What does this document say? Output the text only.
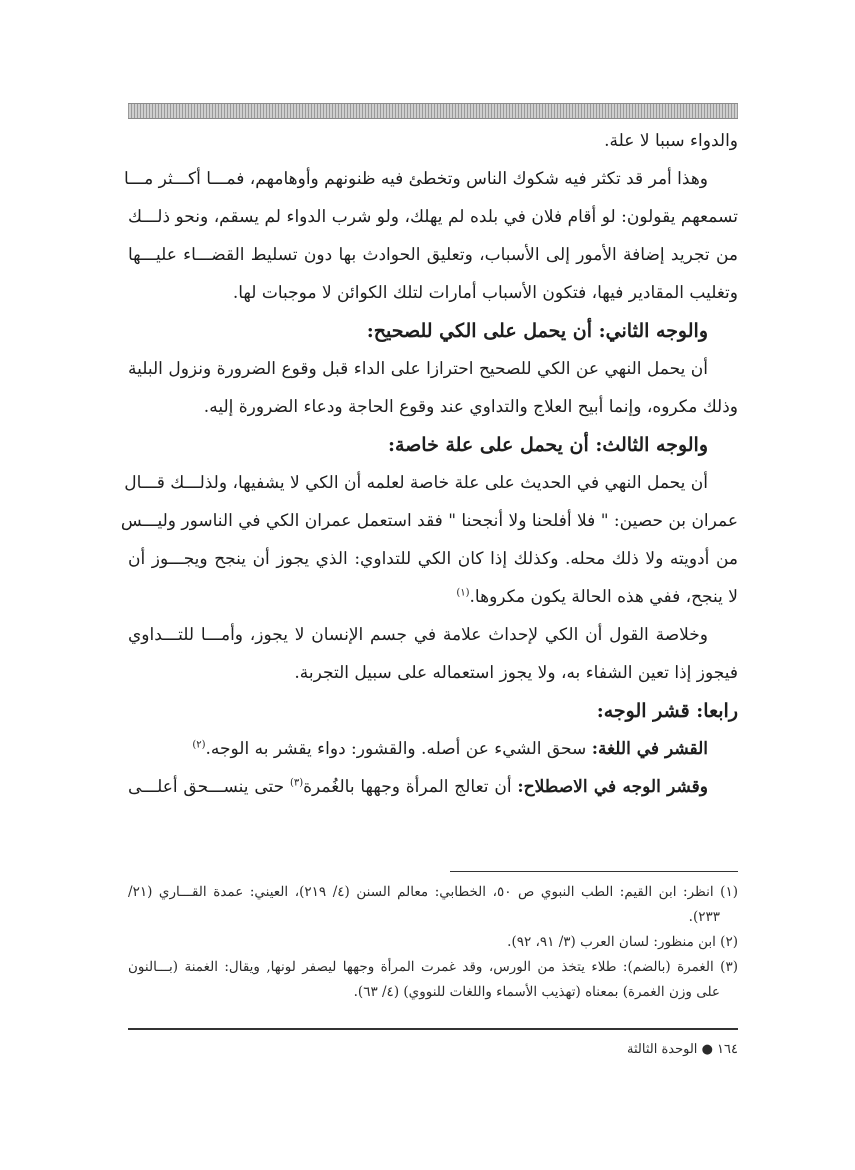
والدواء سببا لا علة.

وهذا أمر قد تكثر فيه شكوك الناس وتخطئ فيه ظنونهم وأوهامهم، فمـــا أكـــثر مـــا

تسمعهم يقولون: لو أقام فلان في بلده لم يهلك، ولو شرب الدواء لم يسقم، ونحو ذلـــك

من تجريد إضافة الأمور إلى الأسباب، وتعليق الحوادث بها دون تسليط القضـــاء عليـــها

وتغليب المقادير فيها، فتكون الأسباب أمارات لتلك الكوائن لا موجبات لها.

والوجه الثاني: أن يحمل على الكي للصحيح:

أن يحمل النهي عن الكي للصحيح احترازا على الداء قبل وقوع الضرورة ونزول البلية

وذلك مكروه، وإنما أبيح العلاج والتداوي عند وقوع الحاجة ودعاء الضرورة إليه.

والوجه الثالث: أن يحمل على علة خاصة:

أن يحمل النهي في الحديث على علة خاصة لعلمه أن الكي لا يشفيها، ولذلـــك قـــال

عمران بن حصين: " فلا أفلحنا ولا أنجحنا " فقد استعمل عمران الكي في الناسور وليـــس

من أدويته ولا ذلك محله. وكذلك إذا كان الكي للتداوي: الذي يجوز أن ينجح ويجـــوز أن

لا ينجح، ففي هذه الحالة يكون مكروها.$^{(١)}$

وخلاصة القول أن الكي لإحداث علامة في جسم الإنسان لا يجوز، وأمـــا للتـــداوي

فيجوز إذا تعين الشفاء به، ولا يجوز استعماله على سبيل التجربة.

رابعا: قشر الوجه:

القشر في اللغة: سحق الشيء عن أصله. والقشور: دواء يقشر به الوجه.$^{(٢)}$

وقشر الوجه في الاصطلاح: أن تعالج المرأة وجهها بالغُمرة$^{(٣)}$ حتى ينســـحق أعلـــى

(١) انظر: ابن القيم: الطب النبوي ص ٥٠، الخطابي: معالم السنن (٤/ ٢١٩)، العيني: عمدة القـــاري (٢١/

٢٣٣).

(٢) ابن منظور: لسان العرب (٣/ ٩١، ٩٢).

(٣) الغمرة (بالضم): طلاء يتخذ من الورس، وقد غمرت المرأة وجهها ليصفر لونها, ويقال: الغمنة (بـــالنون

على وزن الغمرة) بمعناه (تهذيب الأسماء واللغات للنووي) (٤/ ٦٣).

١٦٤ ● الوحدة الثالثة
